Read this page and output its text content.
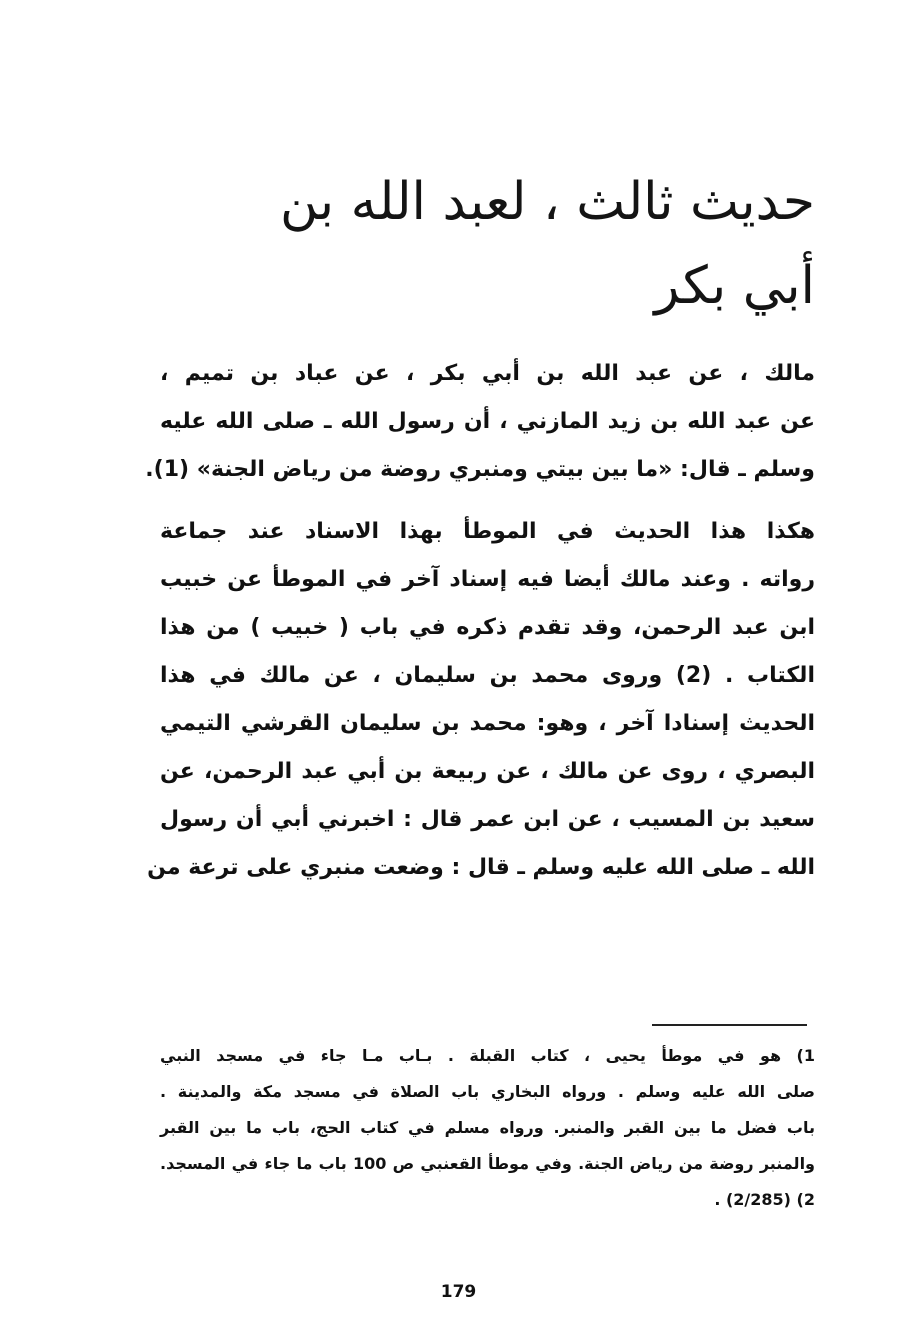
حديث ثالث ، لعبد الله بن
أبي بكر
مالك ، عن عبد الله بن أبي بكر ، عن عباد بن تميم ،
عن عبد الله بن زيد المازني ، أن رسول الله ـ صلى الله عليه
وسلم ـ قال: «ما بين بيتي ومنبري روضة من رياض الجنة» (1).
هكذا هذا الحديث في الموطأ بهذا الاسناد عند جماعة
رواته . وعند مالك أيضا فيه إسناد آخر في الموطأ عن خبيب
ابن عبد الرحمن، وقد تقدم ذكره في باب ( خبيب ) من هذا
الكتاب . (2) وروى محمد بن سليمان ، عن مالك في هذا
الحديث إسنادا آخر ، وهو: محمد بن سليمان القرشي التيمي
البصري ، روى عن مالك ، عن ربيعة بن أبي عبد الرحمن، عن
سعيد بن المسيب ، عن ابن عمر قال : اخبرني أبي أن رسول
الله ـ صلى الله عليه وسلم ـ قال : وضعت منبري على ترعة من
1) هو في موطأ يحيى ، كتاب القبلة . بـاب مـا جاء في مسجد النبي
صلى الله عليه وسلم . ورواه البخاري باب الصلاة في مسجد مكة والمدينة .
باب فضل ما بين القبر والمنبر. ورواه مسلم في كتاب الحج، باب ما بين القبر
والمنبر روضة من رياض الجنة. وفي موطأ القعنبي ص 100 باب ما جاء في المسجد.
2) (2/285) .
179
